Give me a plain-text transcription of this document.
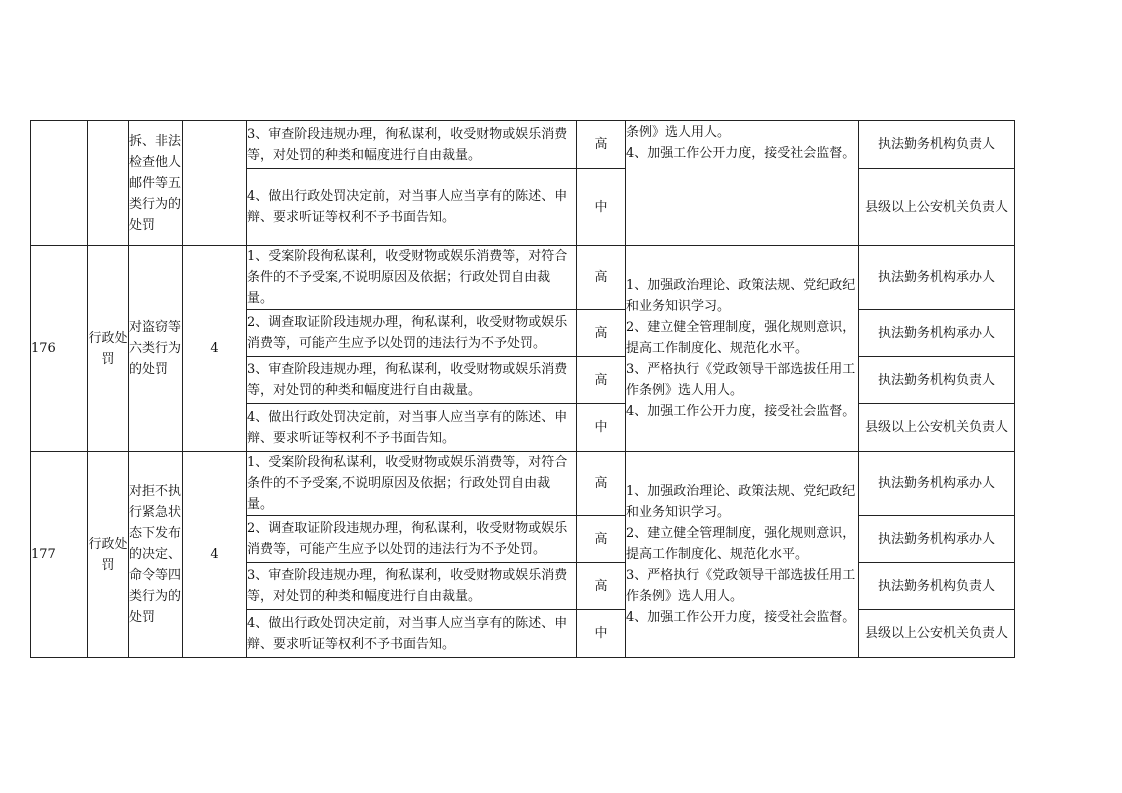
		拆、非法检查他人邮件等五类行为的处罚		3、审查阶段违规办理，徇私谋利，收受财物或娱乐消费等，对处罚的种类和幅度进行自由裁量。	高	条例》选人用人。
4、加强工作公开力度，接受社会监督。	执法勤务机构负责人
				4、做出行政处罚决定前，对当事人应当享有的陈述、申辩、要求听证等权利不予书面告知。	中		县级以上公安机关负责人
176	行政处罚	对盗窃等六类行为的处罚	4	1、受案阶段徇私谋利，收受财物或娱乐消费等，对符合条件的不予受案,不说明原因及依据；行政处罚自由裁量。	高	1、加强政治理论、政策法规、党纪政纪和业务知识学习。
2、建立健全管理制度，强化规则意识，提高工作制度化、规范化水平。
3、严格执行《党政领导干部选拔任用工作条例》选人用人。
4、加强工作公开力度，接受社会监督。	执法勤务机构承办人
				2、调查取证阶段违规办理，徇私谋利，收受财物或娱乐消费等，可能产生应予以处罚的违法行为不予处罚。	高		执法勤务机构承办人
				3、审查阶段违规办理，徇私谋利，收受财物或娱乐消费等，对处罚的种类和幅度进行自由裁量。	高		执法勤务机构负责人
				4、做出行政处罚决定前，对当事人应当享有的陈述、申辩、要求听证等权利不予书面告知。	中		县级以上公安机关负责人
177	行政处罚	对拒不执行紧急状态下发布的决定、命令等四类行为的处罚	4	1、受案阶段徇私谋利，收受财物或娱乐消费等，对符合条件的不予受案,不说明原因及依据；行政处罚自由裁量。	高	1、加强政治理论、政策法规、党纪政纪和业务知识学习。
2、建立健全管理制度，强化规则意识，提高工作制度化、规范化水平。
3、严格执行《党政领导干部选拔任用工作条例》选人用人。
4、加强工作公开力度，接受社会监督。	执法勤务机构承办人
				2、调查取证阶段违规办理，徇私谋利，收受财物或娱乐消费等，可能产生应予以处罚的违法行为不予处罚。	高		执法勤务机构承办人
				3、审查阶段违规办理，徇私谋利，收受财物或娱乐消费等，对处罚的种类和幅度进行自由裁量。	高		执法勤务机构负责人
				4、做出行政处罚决定前，对当事人应当享有的陈述、申辩、要求听证等权利不予书面告知。	中		县级以上公安机关负责人
